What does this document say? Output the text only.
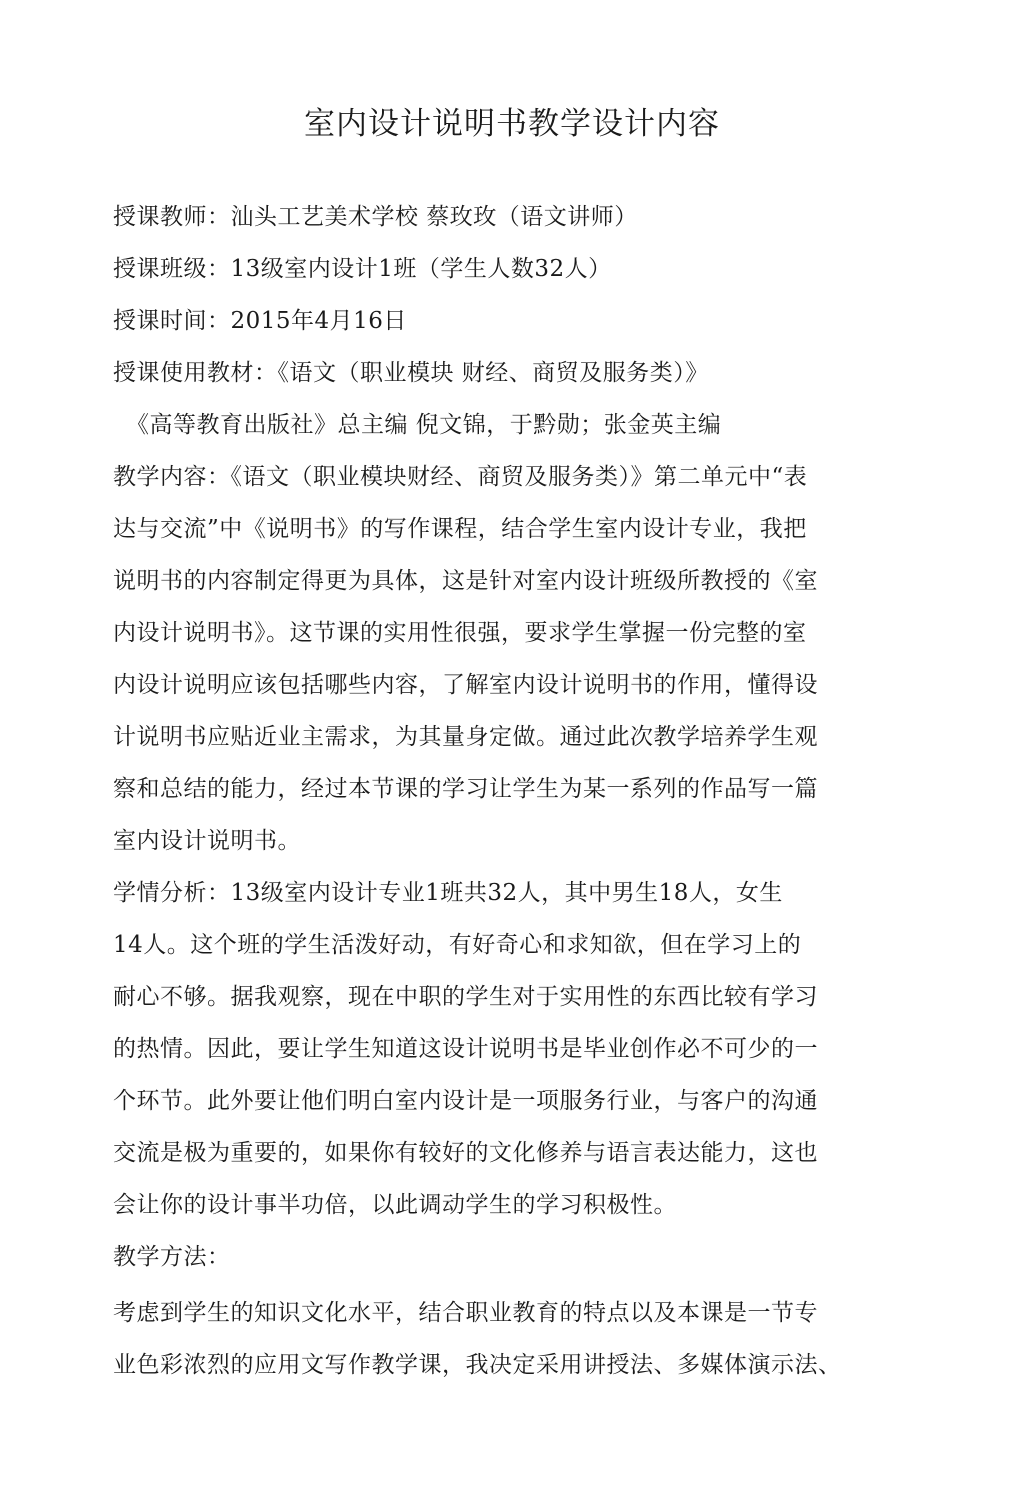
室内设计说明书教学设计内容
授课教师：汕头工艺美术学校 蔡玫玫（语文讲师）
授课班级：13级室内设计1班（学生人数32人）
授课时间：2015年4月16日
授课使用教材：《语文（职业模块 财经、商贸及服务类）》
《高等教育出版社》总主编 倪文锦，于黔勋；张金英主编
教学内容：《语文（职业模块财经、商贸及服务类）》第二单元中“表
达与交流”中《说明书》的写作课程，结合学生室内设计专业，我把
说明书的内容制定得更为具体，这是针对室内设计班级所教授的《室
内设计说明书》。这节课的实用性很强，要求学生掌握一份完整的室
内设计说明应该包括哪些内容，了解室内设计说明书的作用，懂得设
计说明书应贴近业主需求，为其量身定做。通过此次教学培养学生观
察和总结的能力，经过本节课的学习让学生为某一系列的作品写一篇
室内设计说明书。
学情分析：13级室内设计专业1班共32人，其中男生18人，女生
14人。这个班的学生活泼好动，有好奇心和求知欲，但在学习上的
耐心不够。据我观察，现在中职的学生对于实用性的东西比较有学习
的热情。因此，要让学生知道这设计说明书是毕业创作必不可少的一
个环节。此外要让他们明白室内设计是一项服务行业，与客户的沟通
交流是极为重要的，如果你有较好的文化修养与语言表达能力，这也
会让你的设计事半功倍，以此调动学生的学习积极性。
教学方法：
考虑到学生的知识文化水平，结合职业教育的特点以及本课是一节专
业色彩浓烈的应用文写作教学课，我决定采用讲授法、多媒体演示法、
